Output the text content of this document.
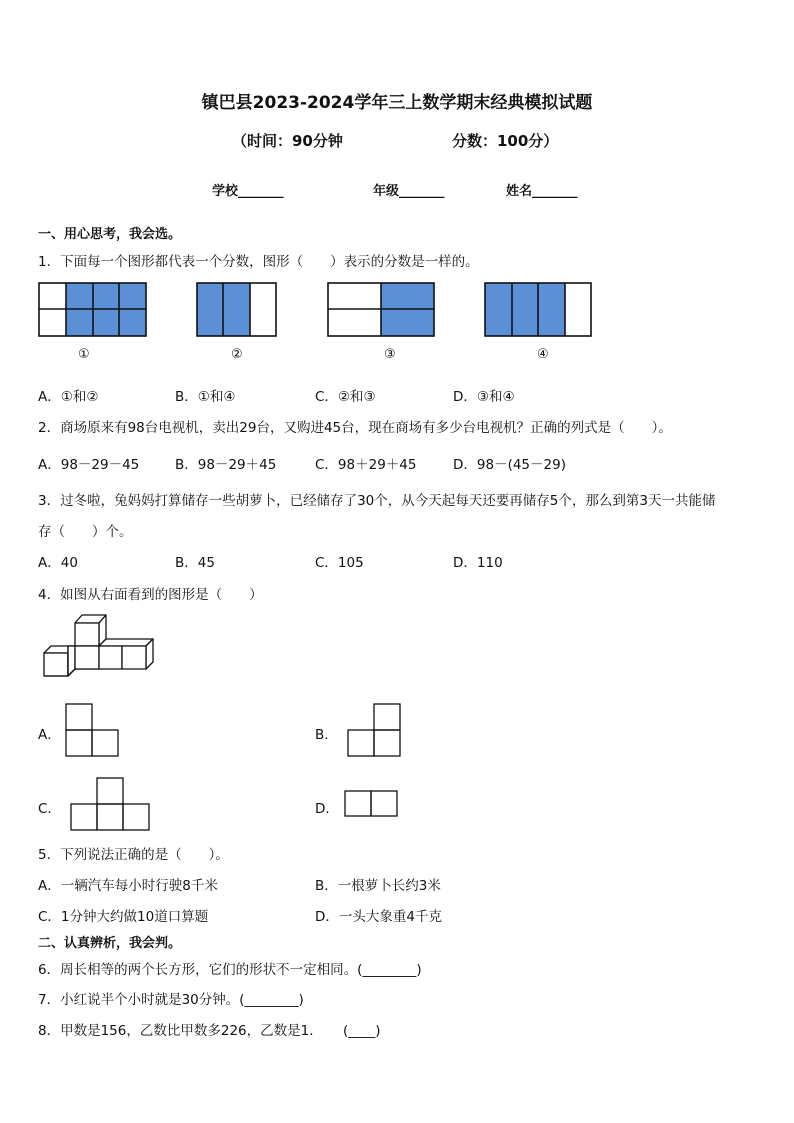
镇巴县2023-2024学年三上数学期末经典模拟试题
（时间：90分钟	分数：100分）
学校_______	年级_______	姓名_______
一、用心思考，我会选。
1．下面每一个图形都代表一个分数，图形（　　）表示的分数是一样的。
①	②	③	④
A．①和②	B．①和④	C．②和③	D．③和④
2．商场原来有98台电视机，卖出29台，又购进45台，现在商场有多少台电视机？正确的列式是（　　）。
A．98－29－45	B．98－29＋45	C．98＋29＋45	D．98－(45－29)
3．过冬啦，兔妈妈打算储存一些胡萝卜，已经储存了30个，从今天起每天还要再储存5个，那么到第3天一共能储
存（　　）个。
A．40	B．45	C．105	D．110
4．如图从右面看到的图形是（　　）
A．	B．
C．	D．
5．下列说法正确的是（　　）。
A．一辆汽车每小时行驶8千米	B．一根萝卜长约3米
C．1分钟大约做10道口算题	D．一头大象重4千克
二、认真辨析，我会判。
6．周长相等的两个长方形，它们的形状不一定相同。(________)
7．小红说半个小时就是30分钟。(________)
8．甲数是156，乙数比甲数多226，乙数是1．　　(____)
